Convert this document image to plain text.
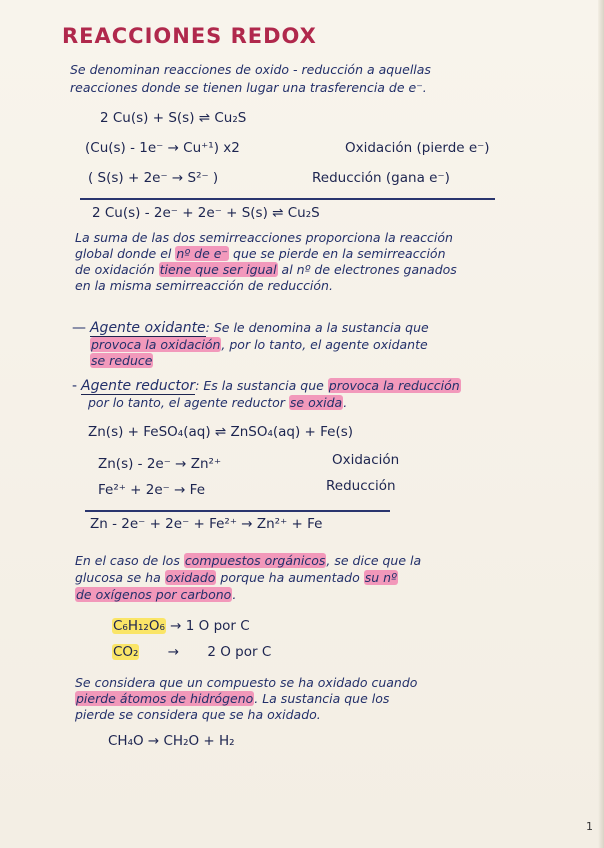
REACCIONES REDOX
Se denominan reacciones de oxido - reducción a aquellas
reacciones donde se tienen lugar una trasferencia de e⁻.
2 Cu(s) + S(s) ⇌ Cu₂S
(Cu(s) - 1e⁻ → Cu⁺¹) x2	Oxidación (pierde e⁻)
( S(s) + 2e⁻ → S²⁻ )	Reducción (gana e⁻)
2 Cu(s) - 2e⁻ + 2e⁻ + S(s) ⇌ Cu₂S
La suma de las dos semirreacciones proporciona la reacción
global donde el nº de e⁻ que se pierde en la semirreacción
de oxidación tiene que ser igual al nº de electrones ganados
en la misma semirreacción de reducción.
— Agente oxidante: Se le denomina a la sustancia que
provoca la oxidación, por lo tanto, el agente oxidante
se reduce
- Agente reductor: Es la sustancia que provoca la reducción
por lo tanto, el agente reductor se oxida.
Zn(s) + FeSO₄(aq) ⇌ ZnSO₄(aq) + Fe(s)
Zn(s) - 2e⁻ → Zn²⁺	Oxidación
Fe²⁺ + 2e⁻ → Fe	Reducción
Zn - 2e⁻ + 2e⁻ + Fe²⁺ → Zn²⁺ + Fe
En el caso de los compuestos orgánicos, se dice que la
glucosa se ha oxidado porque ha aumentado su nº
de oxígenos por carbono.
C₆H₁₂O₆ → 1 O por C
CO₂ → 2 O por C
Se considera que un compuesto se ha oxidado cuando
pierde átomos de hidrógeno. La sustancia que los
pierde se considera que se ha oxidado.
CH₄O → CH₂O + H₂
1
